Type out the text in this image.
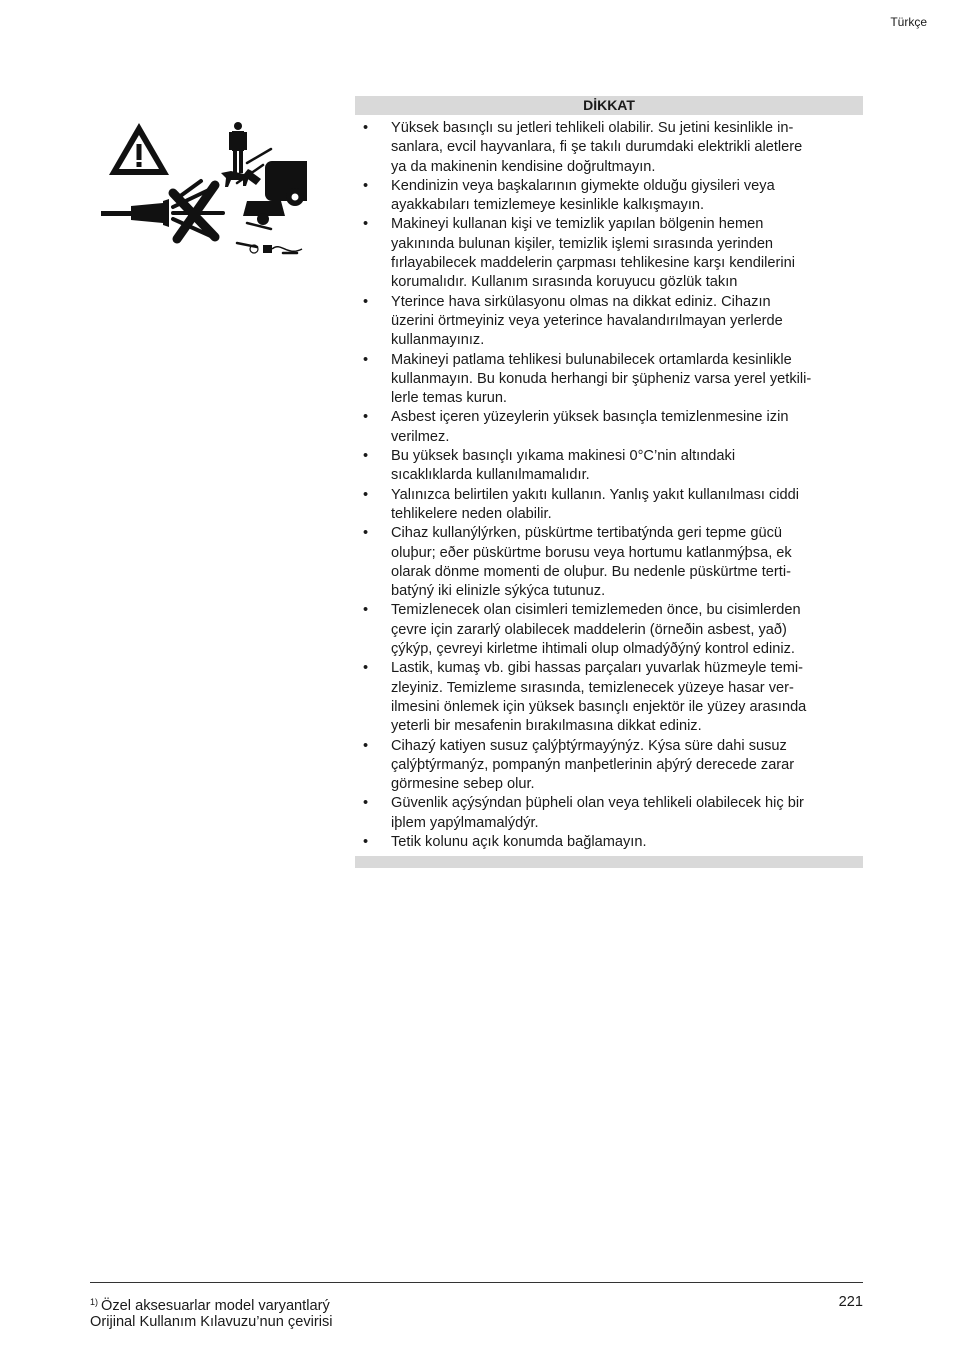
Türkçe
DİKKAT
• Yüksek basınçlı su jetleri tehlikeli olabilir. Su jetini kesinlikle in-
sanlara, evcil hayvanlara, fi şe takılı durumdaki elektrikli aletlere
ya da makinenin kendisine doğrultmayın.
• Kendinizin veya başkalarının giymekte olduğu giysileri veya
ayakkabıları temizlemeye kesinlikle kalkışmayın.
• Makineyi kullanan kişi ve temizlik yapılan bölgenin hemen
yakınında bulunan kişiler, temizlik işlemi sırasında yerinden
fırlayabilecek maddelerin çarpması tehlikesine karşı kendilerini
korumalıdır. Kullanım sırasında koruyucu gözlük takın
• Yterince hava sirkülasyonu olmas na dikkat ediniz. Cihazın
üzerini örtmeyiniz veya yeterince havalandırılmayan yerlerde
kullanmayınız.
• Makineyi patlama tehlikesi bulunabilecek ortamlarda kesinlikle
kullanmayın. Bu konuda herhangi bir şüpheniz varsa yerel yetkili-
lerle temas kurun.
• Asbest içeren yüzeylerin yüksek basınçla temizlenmesine izin
verilmez.
• Bu yüksek basınçlı yıkama makinesi 0°C’nin altındaki
sıcaklıklarda kullanılmamalıdır.
• Yalınızca belirtilen yakıtı kullanın. Yanlış yakıt kullanılması ciddi
tehlikelere neden olabilir.
• Cihaz kullanýlýrken, püskürtme tertibatýnda geri tepme gücü
oluþur; eðer püskürtme borusu veya hortumu katlanmýþsa, ek
olarak dönme momenti de oluþur. Bu nedenle püskürtme terti-
batýný iki elinizle sýkýca tutunuz.
• Temizlenecek olan cisimleri temizlemeden önce, bu cisimlerden
çevre için zararlý olabilecek maddelerin (örneðin asbest, yað)
çýkýp, çevreyi kirletme ihtimali olup olmadýðýný kontrol ediniz.
• Lastik, kumaş vb. gibi hassas parçaları yuvarlak hüzmeyle temi-
zleyiniz. Temizleme sırasında, temizlenecek yüzeye hasar ver-
ilmesini önlemek için yüksek basınçlı enjektör ile yüzey arasında
yeterli bir mesafenin bırakılmasına dikkat ediniz.
• Cihazý katiyen susuz çalýþtýrmayýnýz. Kýsa süre dahi susuz
çalýþtýrmanýz, pompanýn manþetlerinin aþýrý derecede zarar
görmesine sebep olur.
• Güvenlik açýsýndan þüpheli olan veya tehlikeli olabilecek hiç bir
iþlem yapýlmamalýdýr.
• Tetik kolunu açık konumda bağlamayın.
$^{1)}$ Özel aksesuarlar model varyantlarý
Orijinal Kullanım Kılavuzu’nun çevirisi
221
